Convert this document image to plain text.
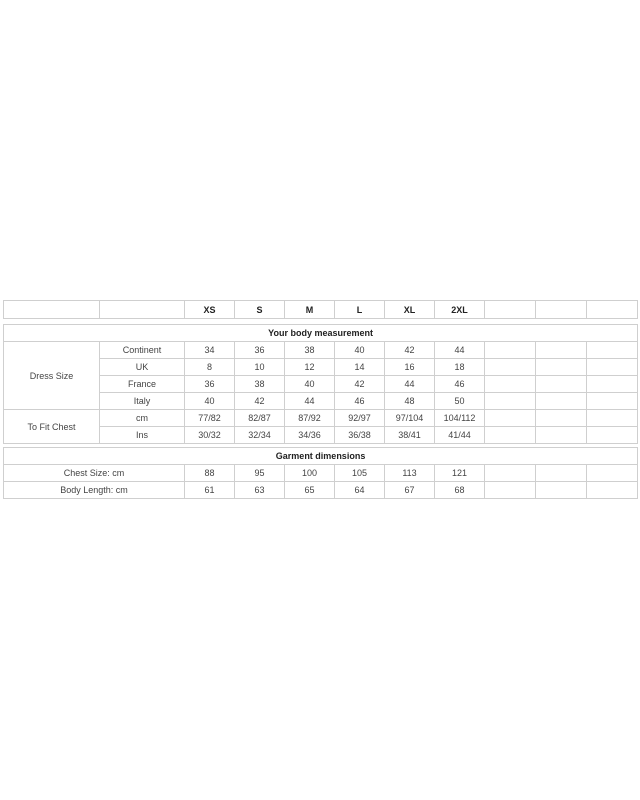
		XS	S	M	L	XL	2XL			
Your body measurement										
Dress Size	Continent	34	36	38	40	42	44			
	UK	8	10	12	14	16	18			
	France	36	38	40	42	44	46			
	Italy	40	42	44	46	48	50			
To Fit Chest	cm	77/82	82/87	87/92	92/97	97/104	104/112			
	Ins	30/32	32/34	34/36	36/38	38/41	41/44			
Garment dimensions									
Chest Size: cm	88	95	100	105	113	121			
Body Length: cm	61	63	65	64	67	68			
